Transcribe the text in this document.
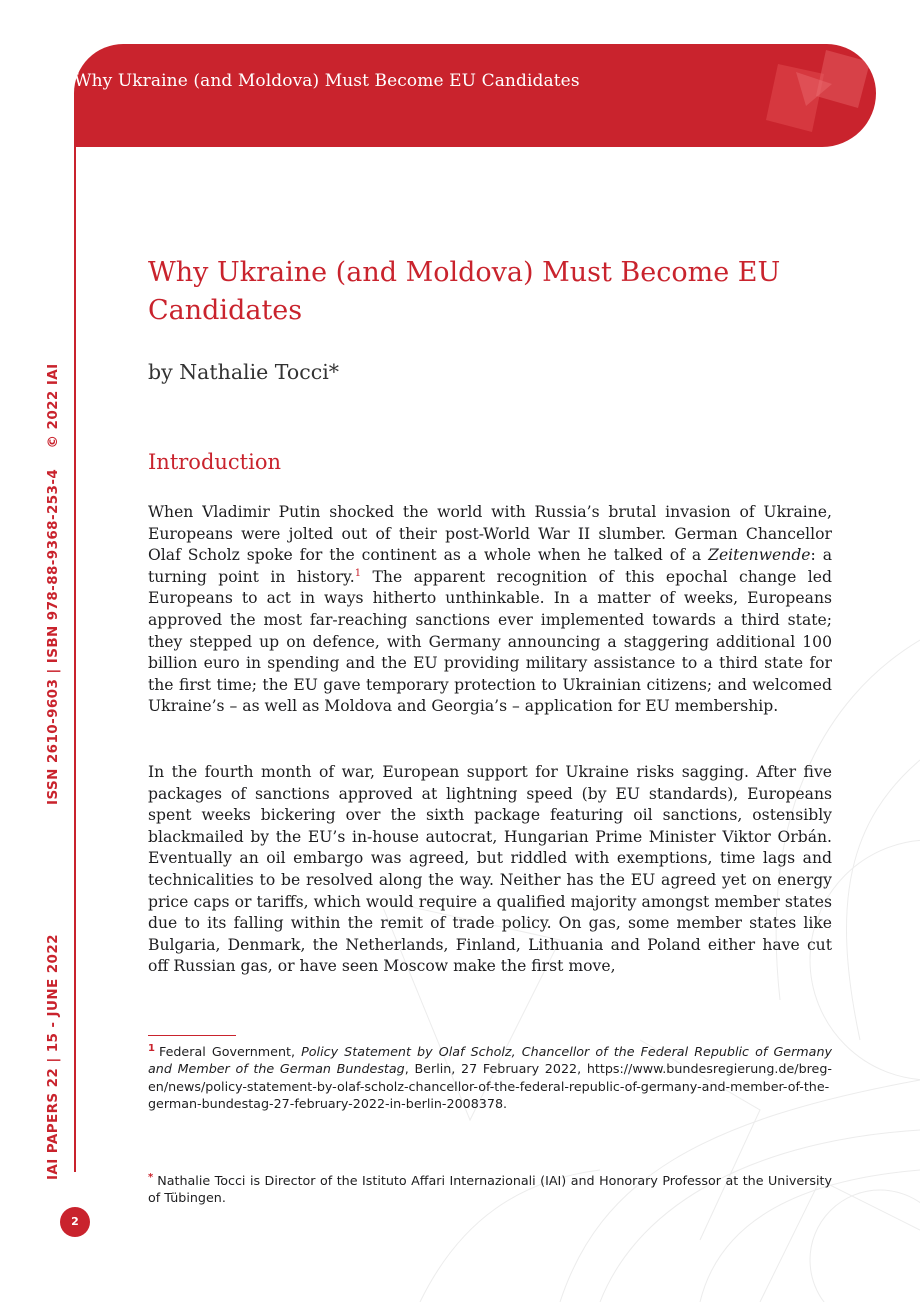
Why Ukraine (and Moldova) Must Become EU Candidates
IAI PAPERS 22 | 15 - JUNE 2022 ISSN 2610-9603 | ISBN 978-88-9368-253-4    © 2022 IAI
2
Why Ukraine (and Moldova) Must Become EU Candidates

by Nathalie Tocci*

Introduction

When Vladimir Putin shocked the world with Russia’s brutal invasion of Ukraine, Europeans were jolted out of their post-World War II slumber. German Chancellor Olaf Scholz spoke for the continent as a whole when he talked of a Zeitenwende: a turning point in history.$^1$ The apparent recognition of this epochal change led Europeans to act in ways hitherto unthinkable. In a matter of weeks, Europeans approved the most far-reaching sanctions ever implemented towards a third state; they stepped up on defence, with Germany announcing a staggering additional 100 billion euro in spending and the EU providing military assistance to a third state for the first time; the EU gave temporary protection to Ukrainian citizens; and welcomed Ukraine’s – as well as Moldova and Georgia’s – application for EU membership.

In the fourth month of war, European support for Ukraine risks sagging. After five packages of sanctions approved at lightning speed (by EU standards), Europeans spent weeks bickering over the sixth package featuring oil sanctions, ostensibly blackmailed by the EU’s in-house autocrat, Hungarian Prime Minister Viktor Orbán. Eventually an oil embargo was agreed, but riddled with exemptions, time lags and technicalities to be resolved along the way. Neither has the EU agreed yet on energy price caps or tariffs, which would require a qualified majority amongst member states due to its falling within the remit of trade policy. On gas, some member states like Bulgaria, Denmark, the Netherlands, Finland, Lithuania and Poland either have cut off Russian gas, or have seen Moscow make the first move,

$^1$ Federal Government, Policy Statement by Olaf Scholz, Chancellor of the Federal Republic of Germany and Member of the German Bundestag, Berlin, 27 February 2022, https://www.bundesregierung.de/breg-en/news/policy-statement-by-olaf-scholz-chancellor-of-the-federal-republic-of-germany-and-member-of-the-german-bundestag-27-february-2022-in-berlin-2008378.

* Nathalie Tocci is Director of the Istituto Affari Internazionali (IAI) and Honorary Professor at the University of Tübingen.
